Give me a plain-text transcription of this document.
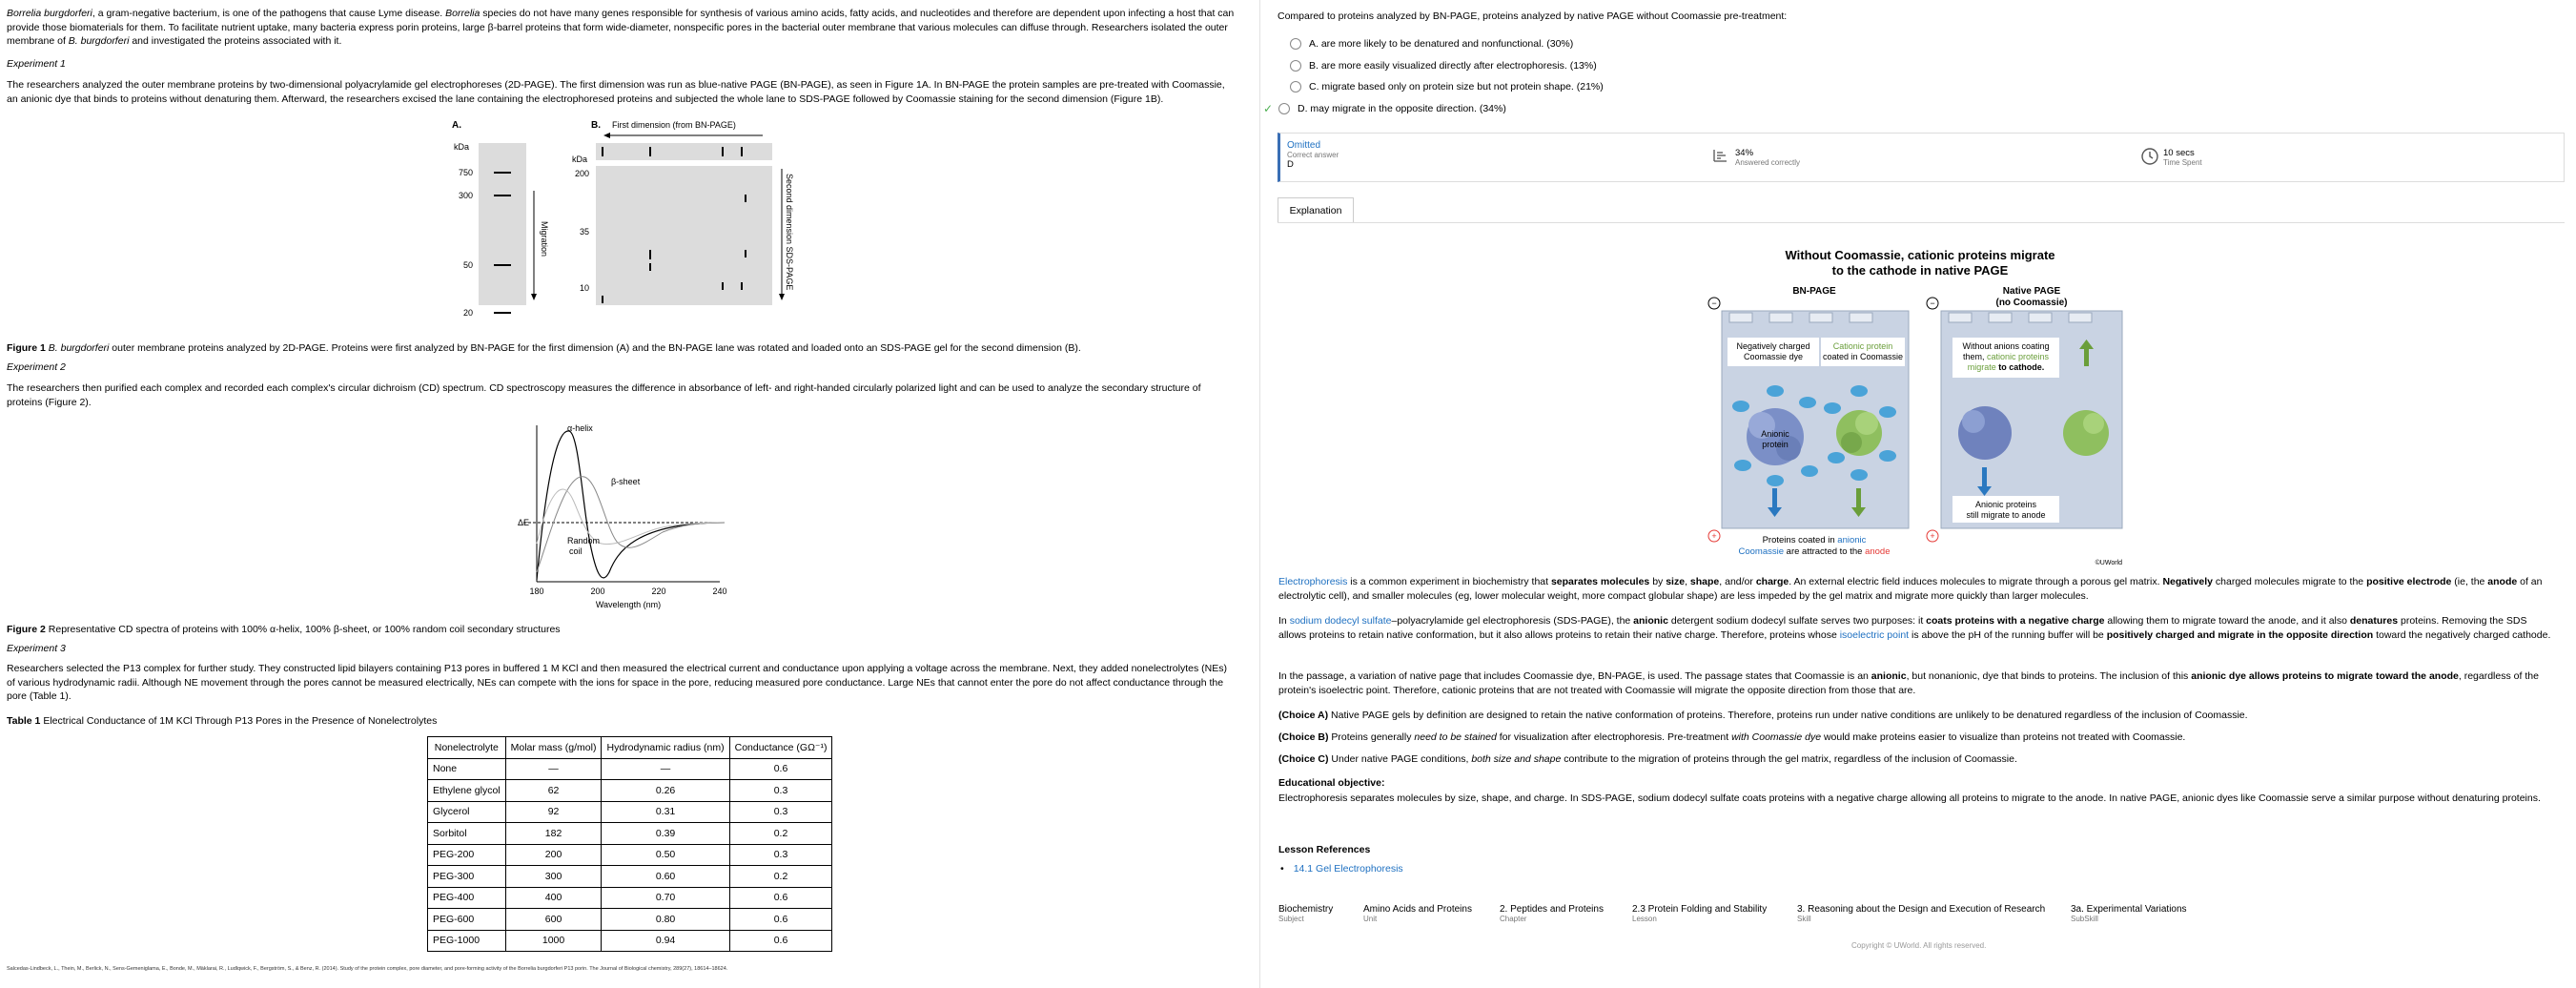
Borrelia burgdorferi, a gram-negative bacterium, is one of the pathogens that cause Lyme disease. Borrelia species do not have many genes responsible for synthesis of various amino acids, fatty acids, and nucleotides and therefore are dependent upon infecting a host that can provide those biomaterials for them. To facilitate nutrient uptake, many bacteria express porin proteins, large β-barrel proteins that form wide-diameter, nonspecific pores in the bacterial outer membrane that various molecules can diffuse through. Researchers isolated the outer membrane of B. burgdorferi and investigated the proteins associated with it.
Experiment 1
The researchers analyzed the outer membrane proteins by two-dimensional polyacrylamide gel electrophoreses (2D-PAGE). The first dimension was run as blue-native PAGE (BN-PAGE), as seen in Figure 1A. In BN-PAGE the protein samples are pre-treated with Coomassie, an anionic dye that binds to proteins without denaturing them. Afterward, the researchers excised the lane containing the electrophoresed proteins and subjected the whole lane to SDS-PAGE followed by Coomassie staining for the second dimension (Figure 1B).
A.	B.
kDa
750
300
50
20
Migration
First dimension (from BN-PAGE)
kDa
200
35
10	Second dimension SDS-PAGE
Figure 1 B. burgdorferi outer membrane proteins analyzed by 2D-PAGE. Proteins were first analyzed by BN-PAGE for the first dimension (A) and the BN-PAGE lane was rotated and loaded onto an SDS-PAGE gel for the second dimension (B).
Experiment 2
The researchers then purified each complex and recorded each complex's circular dichroism (CD) spectrum. CD spectroscopy measures the difference in absorbance of left- and right-handed circularly polarized light and can be used to analyze the secondary structure of proteins (Figure 2).
ΔE
α-helix
β-sheet
Random
coil
180	200	220	240
Wavelength (nm)
Figure 2 Representative CD spectra of proteins with 100% α-helix, 100% β-sheet, or 100% random coil secondary structures
Experiment 3
Researchers selected the P13 complex for further study. They constructed lipid bilayers containing P13 pores in buffered 1 M KCl and then measured the electrical current and conductance upon applying a voltage across the membrane. Next, they added nonelectrolytes (NEs) of various hydrodynamic radii. Although NE movement through the pores cannot be measured electrically, NEs can compete with the ions for space in the pore, reducing measured pore conductance. Large NEs that cannot enter the pore do not affect conductance through the pore (Table 1).
Table 1 Electrical Conductance of 1M KCl Through P13 Pores in the Presence of Nonelectrolytes
Nonelectrolyte	Molar mass (g/mol)	Hydrodynamic radius (nm)	Conductance (GΩ⁻¹)
None	—	—	0.6
Ethylene glycol	62	0.26	0.3
Glycerol	92	0.31	0.3
Sorbitol	182	0.39	0.2
PEG-200	200	0.50	0.3
PEG-300	300	0.60	0.2
PEG-400	400	0.70	0.6
PEG-600	600	0.80	0.6
PEG-1000	1000	0.94	0.6
Salcedas-Lindbeck, L., Thein, M., Berlick, N., Sens-Gemeniglama, E., Bonde, M., Mäklarai, R., Ludlqwick, F., Bergström, S., & Benz, R. (2014). Study of the protein complex, pore diameter, and pore-forming activity of the Borrelia burgdorferi P13 porin. The Journal of Biological chemistry, 289(27), 18614–18624.
Compared to proteins analyzed by BN-PAGE, proteins analyzed by native PAGE without Coomassie pre-treatment:
A. are more likely to be denatured and nonfunctional. (30%)
B. are more easily visualized directly after electrophoresis. (13%)
C. migrate based only on protein size but not protein shape. (21%)
✓	D. may migrate in the opposite direction. (34%)
Omitted
Correct answer
D
34%
Answered correctly
10 secs
Time Spent
Explanation
Without Coomassie, cationic proteins migrate
to the cathode in native PAGE
BN-PAGE	Native PAGE
(no Coomassie)
−	−
Negatively charged
Coomassie dye
Cationic protein
coated in Coomassie
Anionic
protein
Without anions coating
them, cationic proteins
migrate to cathode.
Anionic proteins
still migrate to anode
+	+
Proteins coated in anionic
Coomassie are attracted to the anode
©UWorld
Electrophoresis is a common experiment in biochemistry that separates molecules by size, shape, and/or charge. An external electric field induces molecules to migrate through a porous gel matrix. Negatively charged molecules migrate to the positive electrode (ie, the anode of an electrolytic cell), and smaller molecules (eg, lower molecular weight, more compact globular shape) are less impeded by the gel matrix and migrate more quickly than larger molecules.
In sodium dodecyl sulfate–polyacrylamide gel electrophoresis (SDS-PAGE), the anionic detergent sodium dodecyl sulfate serves two purposes: it coats proteins with a negative charge allowing them to migrate toward the anode, and it also denatures proteins. Removing the SDS allows proteins to retain native conformation, but it also allows proteins to retain their native charge. Therefore, proteins whose isoelectric point is above the pH of the running buffer will be positively charged and migrate in the opposite direction toward the negatively charged cathode.
In the passage, a variation of native page that includes Coomassie dye, BN-PAGE, is used. The passage states that Coomassie is an anionic, but nonanionic, dye that binds to proteins. The inclusion of this anionic dye allows proteins to migrate toward the anode, regardless of the protein's isoelectric point. Therefore, cationic proteins that are not treated with Coomassie will migrate the opposite direction from those that are.
(Choice A) Native PAGE gels by definition are designed to retain the native conformation of proteins. Therefore, proteins run under native conditions are unlikely to be denatured regardless of the inclusion of Coomassie.
(Choice B) Proteins generally need to be stained for visualization after electrophoresis. Pre-treatment with Coomassie dye would make proteins easier to visualize than proteins not treated with Coomassie.
(Choice C) Under native PAGE conditions, both size and shape contribute to the migration of proteins through the gel matrix, regardless of the inclusion of Coomassie.
Educational objective:
Electrophoresis separates molecules by size, shape, and charge. In SDS-PAGE, sodium dodecyl sulfate coats proteins with a negative charge allowing all proteins to migrate to the anode. In native PAGE, anionic dyes like Coomassie serve a similar purpose without denaturing proteins.
Lesson References
• 14.1 Gel Electrophoresis
Biochemistry
Subject
Amino Acids and Proteins
Unit
2. Peptides and Proteins
Chapter
2.3 Protein Folding and Stability
Lesson
3. Reasoning about the Design and Execution of Research
Skill
3a. Experimental Variations
SubSkill
Copyright © UWorld. All rights reserved.
